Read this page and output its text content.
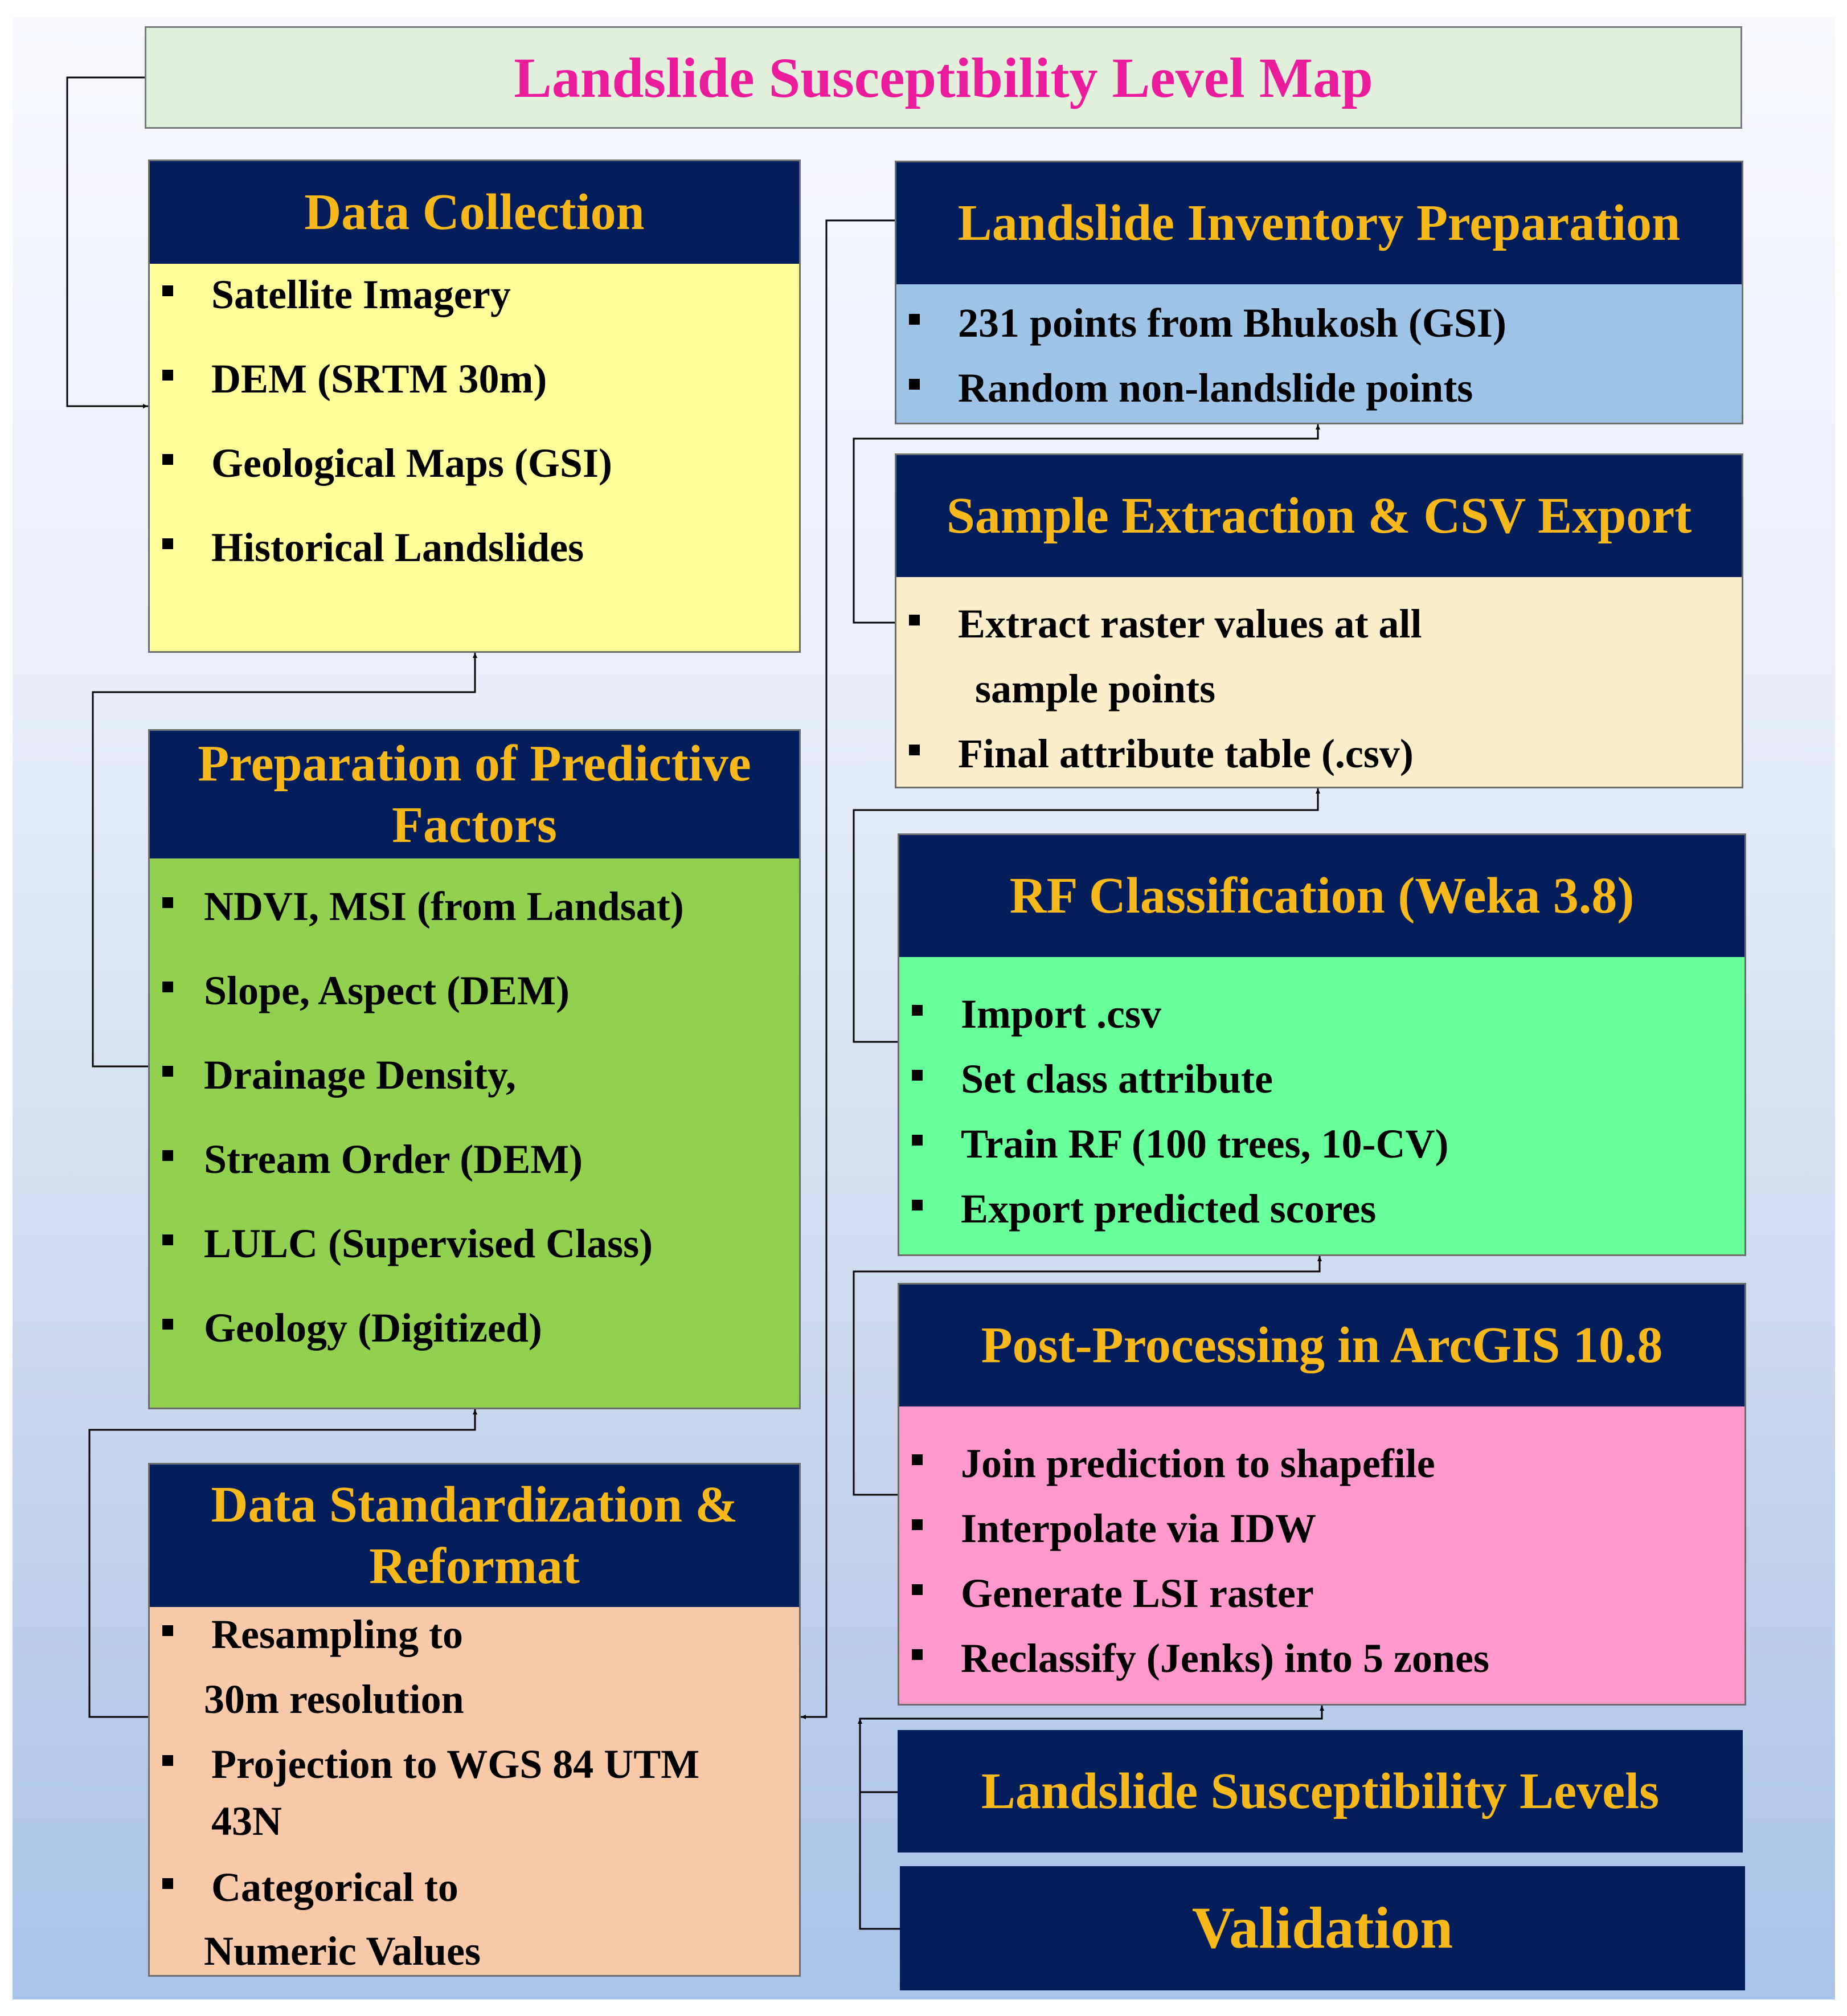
Landslide Susceptibility Level Map
Data Collection
Satellite Imagery
DEM (SRTM 30m)
Geological Maps (GSI)
Historical Landslides
Preparation of Predictive Factors
NDVI, MSI (from Landsat)
Slope, Aspect (DEM)
Drainage Density,
Stream Order (DEM)
LULC (Supervised Class)
Geology (Digitized)
Data Standardization & Reformat
Resampling to
30m resolution
Projection to WGS 84 UTM
43N
Categorical to
Numeric Values
Landslide Inventory Preparation
231 points from Bhukosh (GSI)
Random non-landslide points
Sample Extraction & CSV Export
Extract raster values at all
sample points
Final attribute table (.csv)
RF Classification (Weka 3.8)
Import .csv
Set class attribute
Train RF (100 trees, 10-CV)
Export predicted scores
Post-Processing in ArcGIS 10.8
Join prediction to shapefile
Interpolate via IDW
Generate LSI raster
Reclassify (Jenks) into 5 zones
Landslide Susceptibility Levels
Validation
